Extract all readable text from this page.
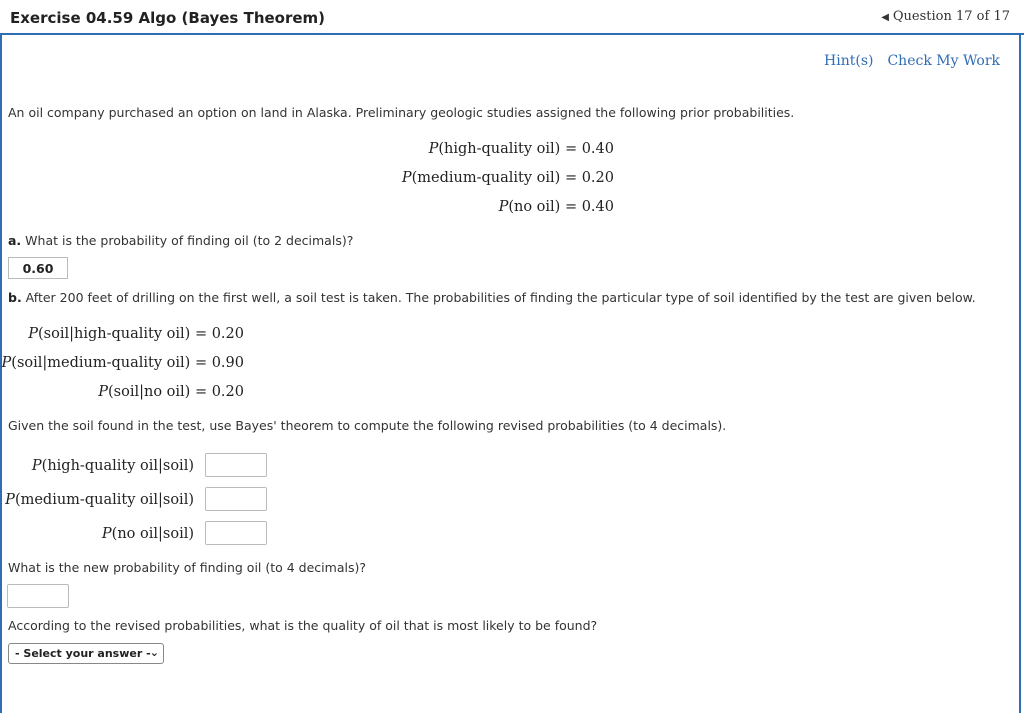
Exercise 04.59 Algo (Bayes Theorem)	◀ Question 17 of 17
Hint(s) Check My Work
An oil company purchased an option on land in Alaska. Preliminary geologic studies assigned the following prior probabilities.
P(high-quality oil) = 0.40
P(medium-quality oil) = 0.20
P(no oil) = 0.40
a. What is the probability of finding oil (to 2 decimals)?
0.60
b. After 200 feet of drilling on the first well, a soil test is taken. The probabilities of finding the particular type of soil identified by the test are given below.
P(soil|high-quality oil) = 0.20
P(soil|medium-quality oil) = 0.90
P(soil|no oil) = 0.20
Given the soil found in the test, use Bayes' theorem to compute the following revised probabilities (to 4 decimals).
P(high-quality oil|soil)
P(medium-quality oil|soil)
P(no oil|soil)
What is the new probability of finding oil (to 4 decimals)?
According to the revised probabilities, what is the quality of oil that is most likely to be found?
- Select your answer - ⌄
